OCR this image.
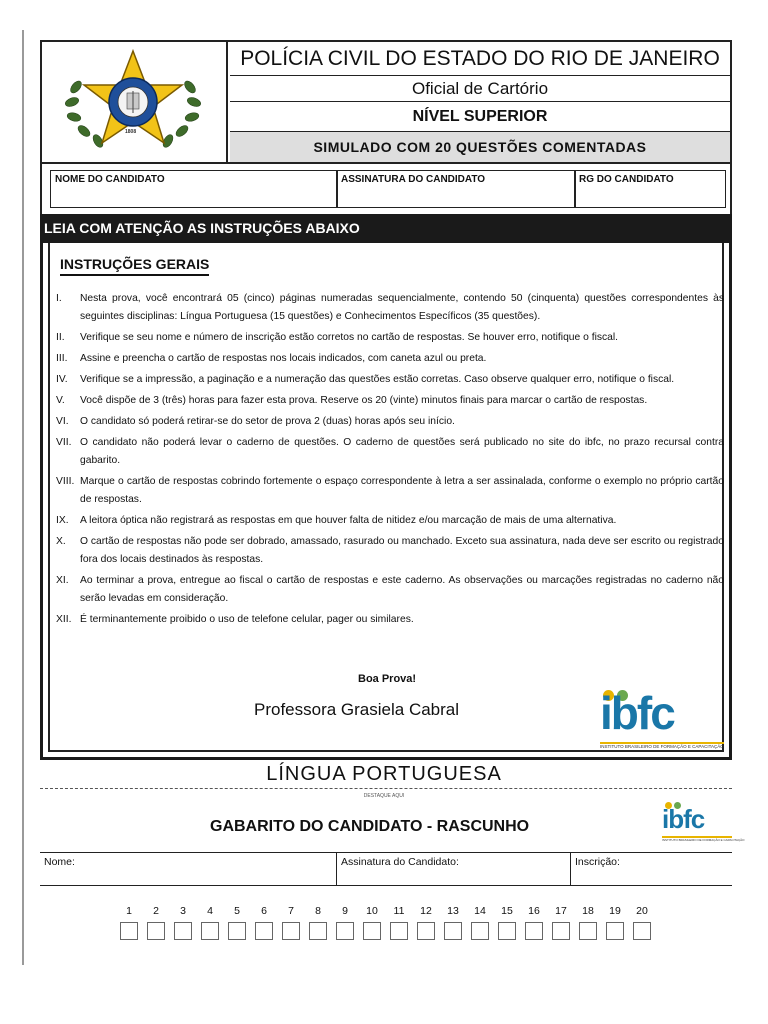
1808
POLÍCIA CIVIL DO ESTADO DO RIO DE JANEIRO
Oficial de Cartório
NÍVEL SUPERIOR
SIMULADO COM 20 QUESTÕES COMENTADAS
NOME DO CANDIDATO	ASSINATURA DO CANDIDATO	RG DO CANDIDATO
LEIA COM ATENÇÃO AS INSTRUÇÕES ABAIXO
INSTRUÇÕES GERAIS
I.	Nesta prova, você encontrará 05 (cinco) páginas numeradas sequencialmente, contendo 50 (cinquenta) questões correspondentes às seguintes disciplinas: Língua Portuguesa (15 questões) e Conhecimentos Específicos (35 questões).
II.	Verifique se seu nome e número de inscrição estão corretos no cartão de respostas. Se houver erro, notifique o fiscal.
III.	Assine e preencha o cartão de respostas nos locais indicados, com caneta azul ou preta.
IV.	Verifique se a impressão, a paginação e a numeração das questões estão corretas. Caso observe qualquer erro, notifique o fiscal.
V.	Você dispõe de 3 (três) horas para fazer esta prova. Reserve os 20 (vinte) minutos finais para marcar o cartão de respostas.
VI.	O candidato só poderá retirar-se do setor de prova 2 (duas) horas após seu início.
VII. O candidato não poderá levar o caderno de questões. O caderno de questões será publicado no site do ibfc, no prazo recursal contra gabarito.
VIII. Marque o cartão de respostas cobrindo fortemente o espaço correspondente à letra a ser assinalada, conforme o exemplo no próprio cartão de respostas.
IX.	A leitora óptica não registrará as respostas em que houver falta de nitidez e/ou marcação de mais de uma alternativa.
X.	O cartão de respostas não pode ser dobrado, amassado, rasurado ou manchado. Exceto sua assinatura, nada deve ser escrito ou registrado fora dos locais destinados às respostas.
XI.	Ao terminar a prova, entregue ao fiscal o cartão de respostas e este caderno. As observações ou marcações registradas no caderno não serão levadas em consideração.
XII. É terminantemente proibido o uso de telefone celular, pager ou similares.
Boa Prova!
Professora Grasiela Cabral	ibfc
INSTITUTO BRASILEIRO DE FORMAÇÃO E CAPACITAÇÃO
LÍNGUA PORTUGUESA
DESTAQUE AQUI
GABARITO DO CANDIDATO - RASCUNHO	ibfc
INSTITUTO BRASILEIRO DE FORMAÇÃO E CAPACITAÇÃO
Nome:	Assinatura do Candidato:	Inscrição:
1	2	3	4	5	6	7	8	9	10	11	12	13	14	15	16	17	18	19	20
